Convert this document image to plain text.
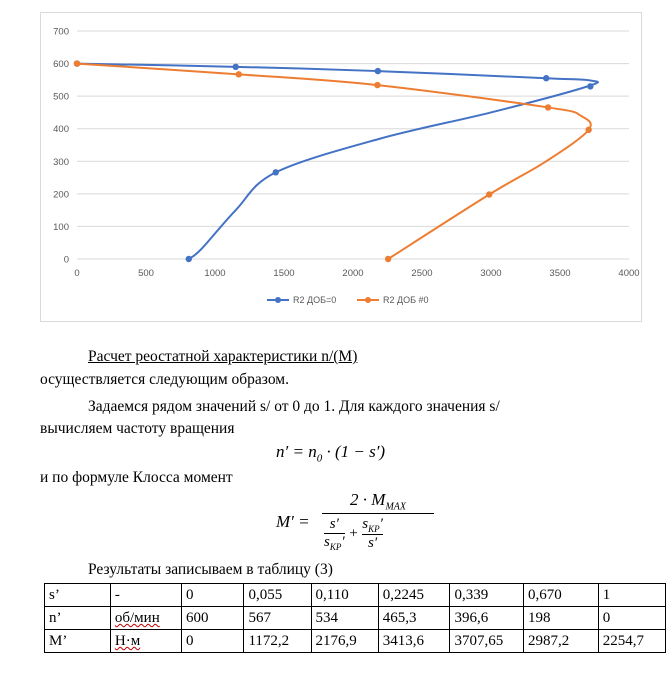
0
100
200
300
400
500
600
700
0	500	1000	1500	2000	2500	3000	3500	4000
R2 ДОБ=0	R2 ДОБ #0
Расчет реостатной характеристики n/(M)
осуществляется следующим образом.
Задаемся рядом значений s/ от 0 до 1. Для каждого значения s/
вычисляем частоту вращения
$n' = n_0 \cdot (1 - s')$
и по формуле Клосса момент
M′ =
$2 \cdot M_{MAX}$
s′
$s_{KP}'$
+
$s_{KP}'$
s′
Результаты записываем в таблицу (3)
s’	-	0	0,055	0,110	0,2245	0,339	0,670	1
n’	об/мин	600	567	534	465,3	396,6	198	0
M’	Н·м	0	1172,2	2176,9	3413,6	3707,65	2987,2	2254,7
